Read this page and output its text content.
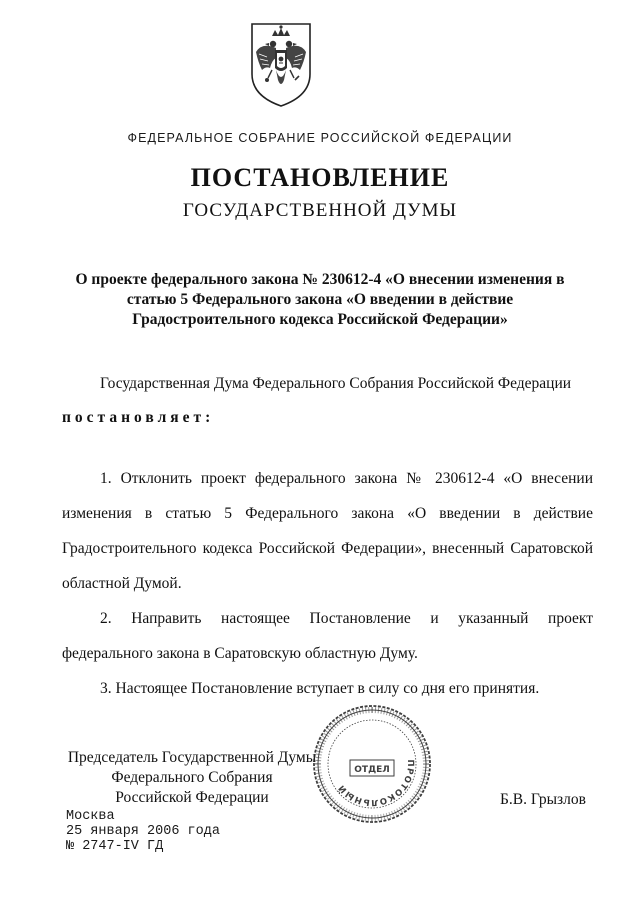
ФЕДЕРАЛЬНОЕ СОБРАНИЕ РОССИЙСКОЙ ФЕДЕРАЦИИ
ПОСТАНОВЛЕНИЕ
ГОСУДАРСТВЕННОЙ ДУМЫ
О проекте федерального закона № 230612-4 «О внесении изменения в
статью 5 Федерального закона «О введении в действие
Градостроительного кодекса Российской Федерации»
Государственная Дума Федерального Собрания Российской Федерации
постановляет:
1. Отклонить проект федерального закона № 230612-4 «О внесении
изменения в статью 5 Федерального закона «О введении в действие
Градостроительного кодекса Российской Федерации», внесенный Саратовской
областной Думой.
2. Направить настоящее Постановление и указанный проект
федерального закона в Саратовскую областную Думу.
3. Настоящее Постановление вступает в силу со дня его принятия.
Председатель Государственной Думы
Федерального Собрания
Российской Федерации
ПРОТОКОЛЬНЫЙ
ОТДЕЛ
Б.В. Грызлов
Москва
25 января 2006 года
№ 2747-IV ГД
